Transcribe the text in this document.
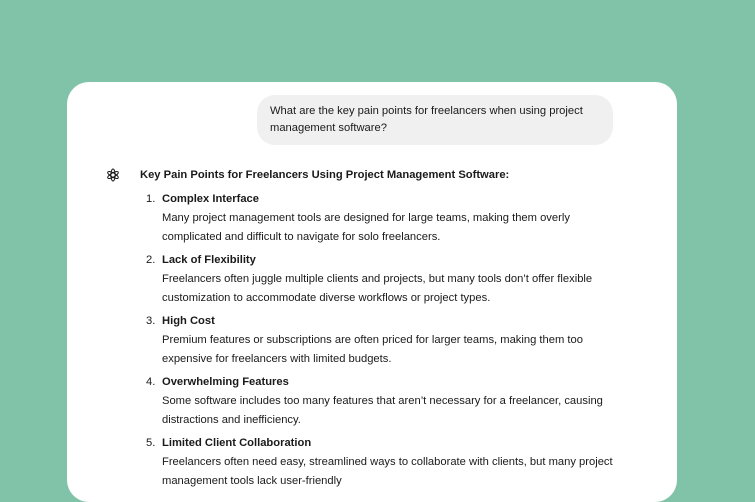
What are the key pain points for freelancers when using project management software?
Key Pain Points for Freelancers Using Project Management Software:
1. Complex Interface
Many project management tools are designed for large teams, making them overly complicated and difficult to navigate for solo freelancers.
2. Lack of Flexibility
Freelancers often juggle multiple clients and projects, but many tools don’t offer flexible customization to accommodate diverse workflows or project types.
3. High Cost
Premium features or subscriptions are often priced for larger teams, making them too expensive for freelancers with limited budgets.
4. Overwhelming Features
Some software includes too many features that aren’t necessary for a freelancer, causing distractions and inefficiency.
5. Limited Client Collaboration
Freelancers often need easy, streamlined ways to collaborate with clients, but many project management tools lack user-friendly
